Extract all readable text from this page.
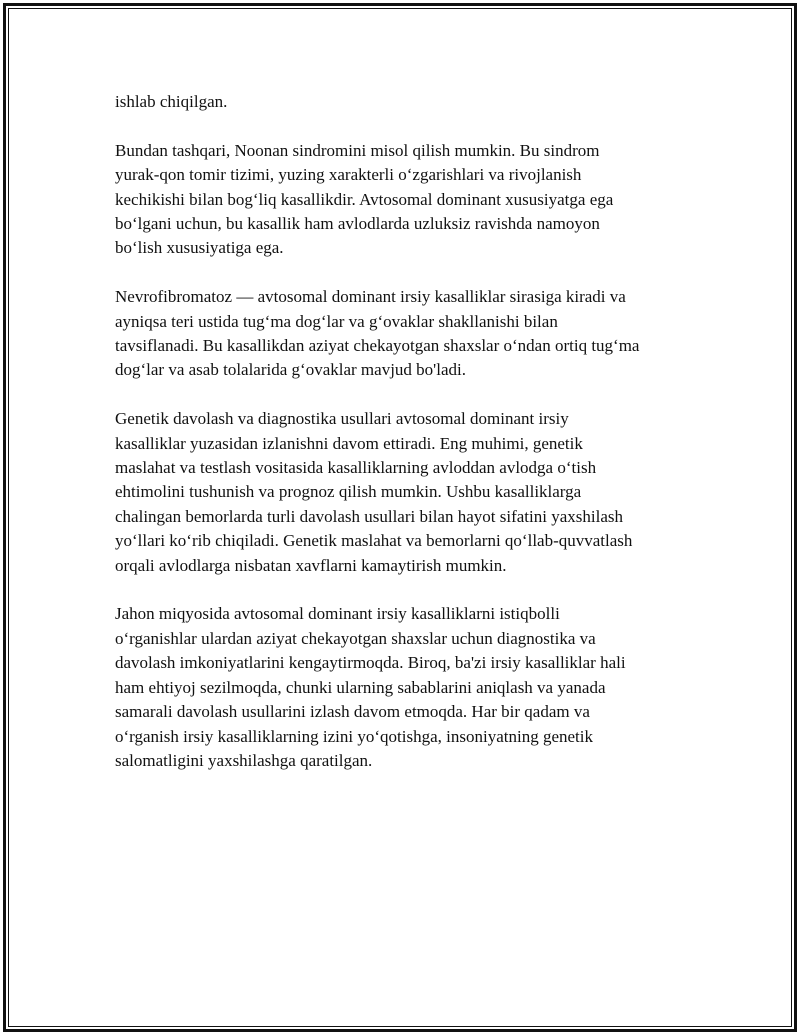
ishlab chiqilgan.

Bundan tashqari, Noonan sindromini misol qilish mumkin. Bu sindrom
yurak-qon tomir tizimi, yuzing xarakterli o‘zgarishlari va rivojlanish
kechikishi bilan bog‘liq kasallikdir. Avtosomal dominant xususiyatga ega
bo‘lgani uchun, bu kasallik ham avlodlarda uzluksiz ravishda namoyon
bo‘lish xususiyatiga ega.

Nevrofibromatoz — avtosomal dominant irsiy kasalliklar sirasiga kiradi va
ayniqsa teri ustida tug‘ma dog‘lar va g‘ovaklar shakllanishi bilan
tavsiflanadi. Bu kasallikdan aziyat chekayotgan shaxslar o‘ndan ortiq tug‘ma
dog‘lar va asab tolalarida g‘ovaklar mavjud bo'ladi.

Genetik davolash va diagnostika usullari avtosomal dominant irsiy
kasalliklar yuzasidan izlanishni davom ettiradi. Eng muhimi, genetik
maslahat va testlash vositasida kasalliklarning avloddan avlodga o‘tish
ehtimolini tushunish va prognoz qilish mumkin. Ushbu kasalliklarga
chalingan bemorlarda turli davolash usullari bilan hayot sifatini yaxshilash
yo‘llari ko‘rib chiqiladi. Genetik maslahat va bemorlarni qo‘llab-quvvatlash
orqali avlodlarga nisbatan xavflarni kamaytirish mumkin.

Jahon miqyosida avtosomal dominant irsiy kasalliklarni istiqbolli
o‘rganishlar ulardan aziyat chekayotgan shaxslar uchun diagnostika va
davolash imkoniyatlarini kengaytirmoqda. Biroq, ba'zi irsiy kasalliklar hali
ham ehtiyoj sezilmoqda, chunki ularning sabablarini aniqlash va yanada
samarali davolash usullarini izlash davom etmoqda. Har bir qadam va
o‘rganish irsiy kasalliklarning izini yo‘qotishga, insoniyatning genetik
salomatligini yaxshilashga qaratilgan.
